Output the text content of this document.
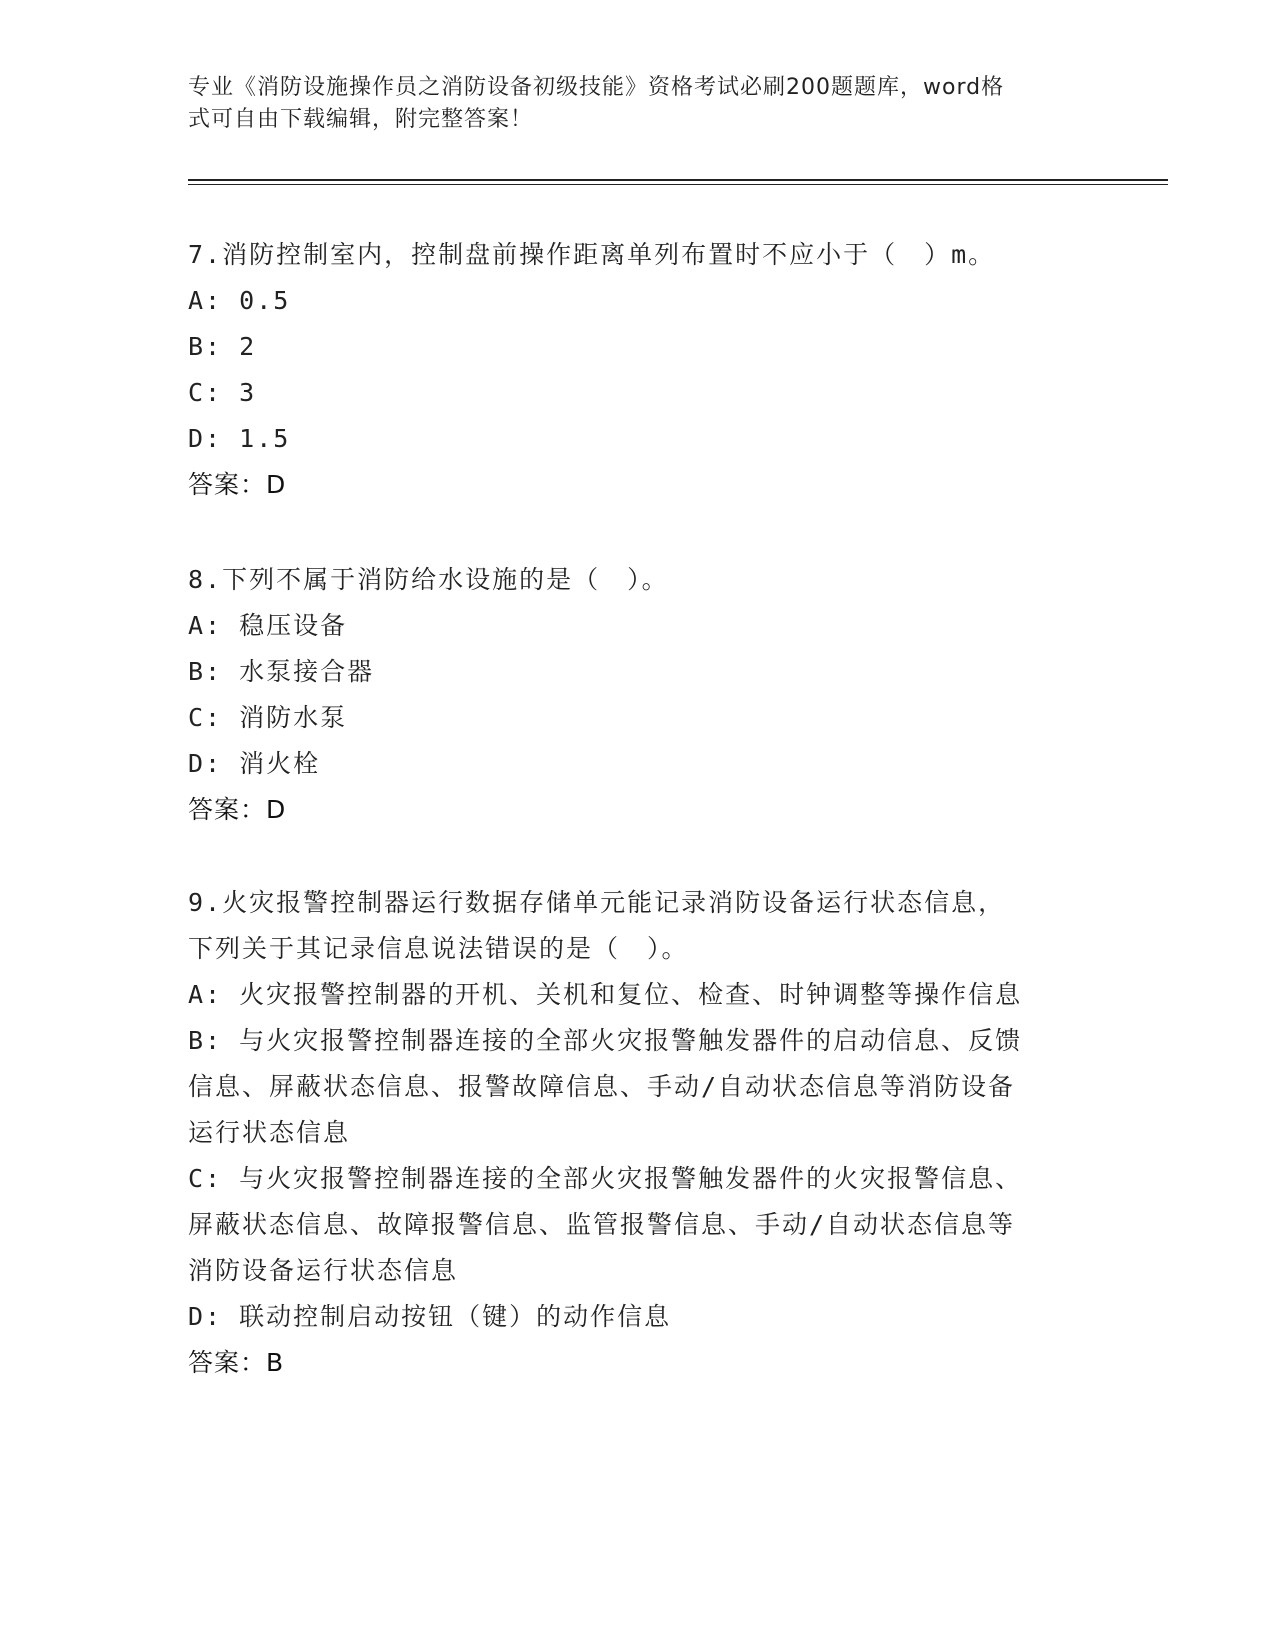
专业《消防设施操作员之消防设备初级技能》资格考试必刷200题题库，word格
式可自由下载编辑，附完整答案！
7.消防控制室内，控制盘前操作距离单列布置时不应小于（　）m。
A: 0.5
B: 2
C: 3
D: 1.5
答案：D
8.下列不属于消防给水设施的是（　）。
A: 稳压设备
B: 水泵接合器
C: 消防水泵
D: 消火栓
答案：D
9.火灾报警控制器运行数据存储单元能记录消防设备运行状态信息，
下列关于其记录信息说法错误的是（　）。
A: 火灾报警控制器的开机、关机和复位、检查、时钟调整等操作信息
B: 与火灾报警控制器连接的全部火灾报警触发器件的启动信息、反馈
信息、屏蔽状态信息、报警故障信息、手动/自动状态信息等消防设备
运行状态信息
C: 与火灾报警控制器连接的全部火灾报警触发器件的火灾报警信息、
屏蔽状态信息、故障报警信息、监管报警信息、手动/自动状态信息等
消防设备运行状态信息
D: 联动控制启动按钮（键）的动作信息
答案：B
